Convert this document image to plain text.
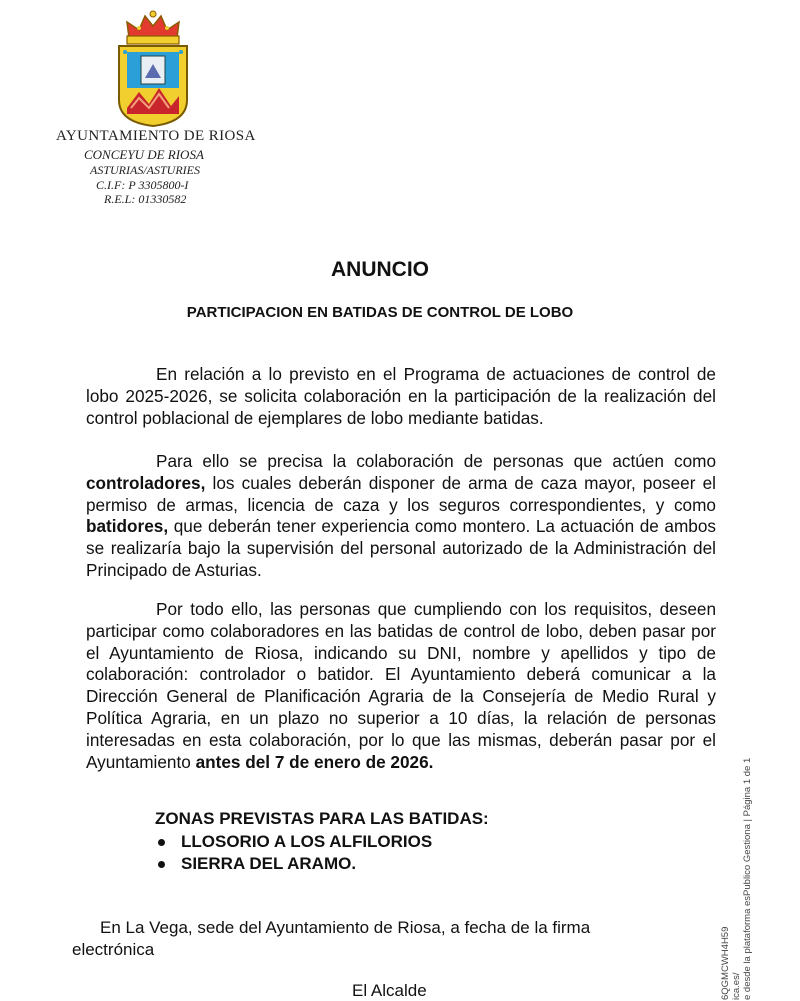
AYUNTAMIENTO DE RIOSA
CONCEYU DE RIOSA
ASTURIAS/ASTURIES
C.I.F: P 3305800-I
R.E.L: 01330582
ANUNCIO
PARTICIPACION EN BATIDAS DE CONTROL DE LOBO

En relación a lo previsto en el Programa de actuaciones de control de lobo 2025-2026, se solicita colaboración en la participación de la realización del control poblacional de ejemplares de lobo mediante batidas.

Para ello se precisa la colaboración de personas que actúen como controladores, los cuales deberán disponer de arma de caza mayor, poseer el permiso de armas, licencia de caza y los seguros correspondientes, y como batidores, que deberán tener experiencia como montero. La actuación de ambos se realizaría bajo la supervisión del personal autorizado de la Administración del Principado de Asturias.

Por todo ello, las personas que cumpliendo con los requisitos, deseen participar como colaboradores en las batidas de control de lobo, deben pasar por el Ayuntamiento de Riosa, indicando su DNI, nombre y apellidos y tipo de colaboración: controlador o batidor. El Ayuntamiento deberá comunicar a la Dirección General de Planificación Agraria de la Consejería de Medio Rural y Política Agraria, en un plazo no superior a 10 días, la relación de personas interesadas en esta colaboración, por lo que las mismas, deberán pasar por el Ayuntamiento antes del 7 de enero de 2026.

ZONAS PREVISTAS PARA LAS BATIDAS:
LLOSORIO A LOS ALFILORIOS
SIERRA DEL ARAMO.

En La Vega, sede del Ayuntamiento de Riosa, a fecha de la firma electrónica

El Alcalde	6QGMCWH4H59 ica.es/ e desde la plataforma esPublico Gestiona | Página 1 de 1
